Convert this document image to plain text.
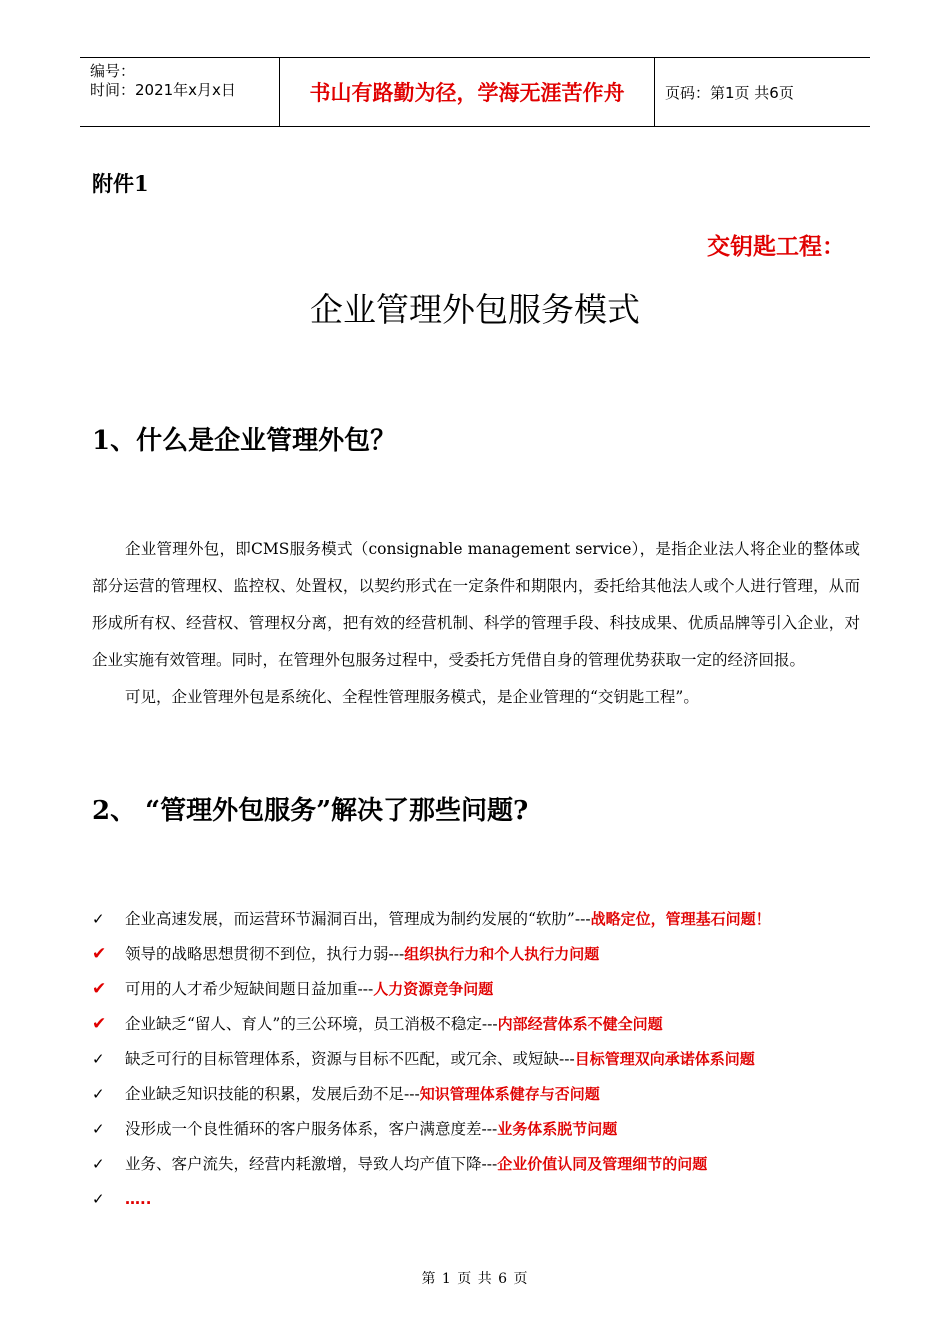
编号：
时间：2021年x月x日	书山有路勤为径，学海无涯苦作舟	页码：第1页 共6页
附件1
交钥匙工程：
企业管理外包服务模式
1、什么是企业管理外包？

企业管理外包，即CMS服务模式（consignable management service），是指企业法人将企业的整体或部分运营的管理权、监控权、处置权，以契约形式在一定条件和期限内，委托给其他法人或个人进行管理，从而形成所有权、经营权、管理权分离，把有效的经营机制、科学的管理手段、科技成果、优质品牌等引入企业，对企业实施有效管理。同时，在管理外包服务过程中，受委托方凭借自身的管理优势获取一定的经济回报。

可见，企业管理外包是系统化、全程性管理服务模式，是企业管理的“交钥匙工程”。

2、 “管理外包服务”解决了那些问题?
✓	企业高速发展，而运营环节漏洞百出，管理成为制约发展的“软肋”--- 战略定位，管理基石问题！
✔	领导的战略思想贯彻不到位，执行力弱--- 组织执行力和个人执行力问题
✔	可用的人才希少短缺间题日益加重--- 人力资源竞争问题
✔	企业缺乏“留人、育人”的三公环境，员工消极不稳定--- 内部经营体系不健全问题
✓	缺乏可行的目标管理体系，资源与目标不匹配，或冗余、或短缺--- 目标管理双向承诺体系问题
✓	企业缺乏知识技能的积累，发展后劲不足--- 知识管理体系健存与否问题
✓	没形成一个良性循环的客户服务体系，客户满意度差--- 业务体系脱节问题
✓	业务、客户流失，经营内耗激增，导致人均产值下降--- 企业价值认同及管理细节的问题
✓	…..
第 1 页 共 6 页
